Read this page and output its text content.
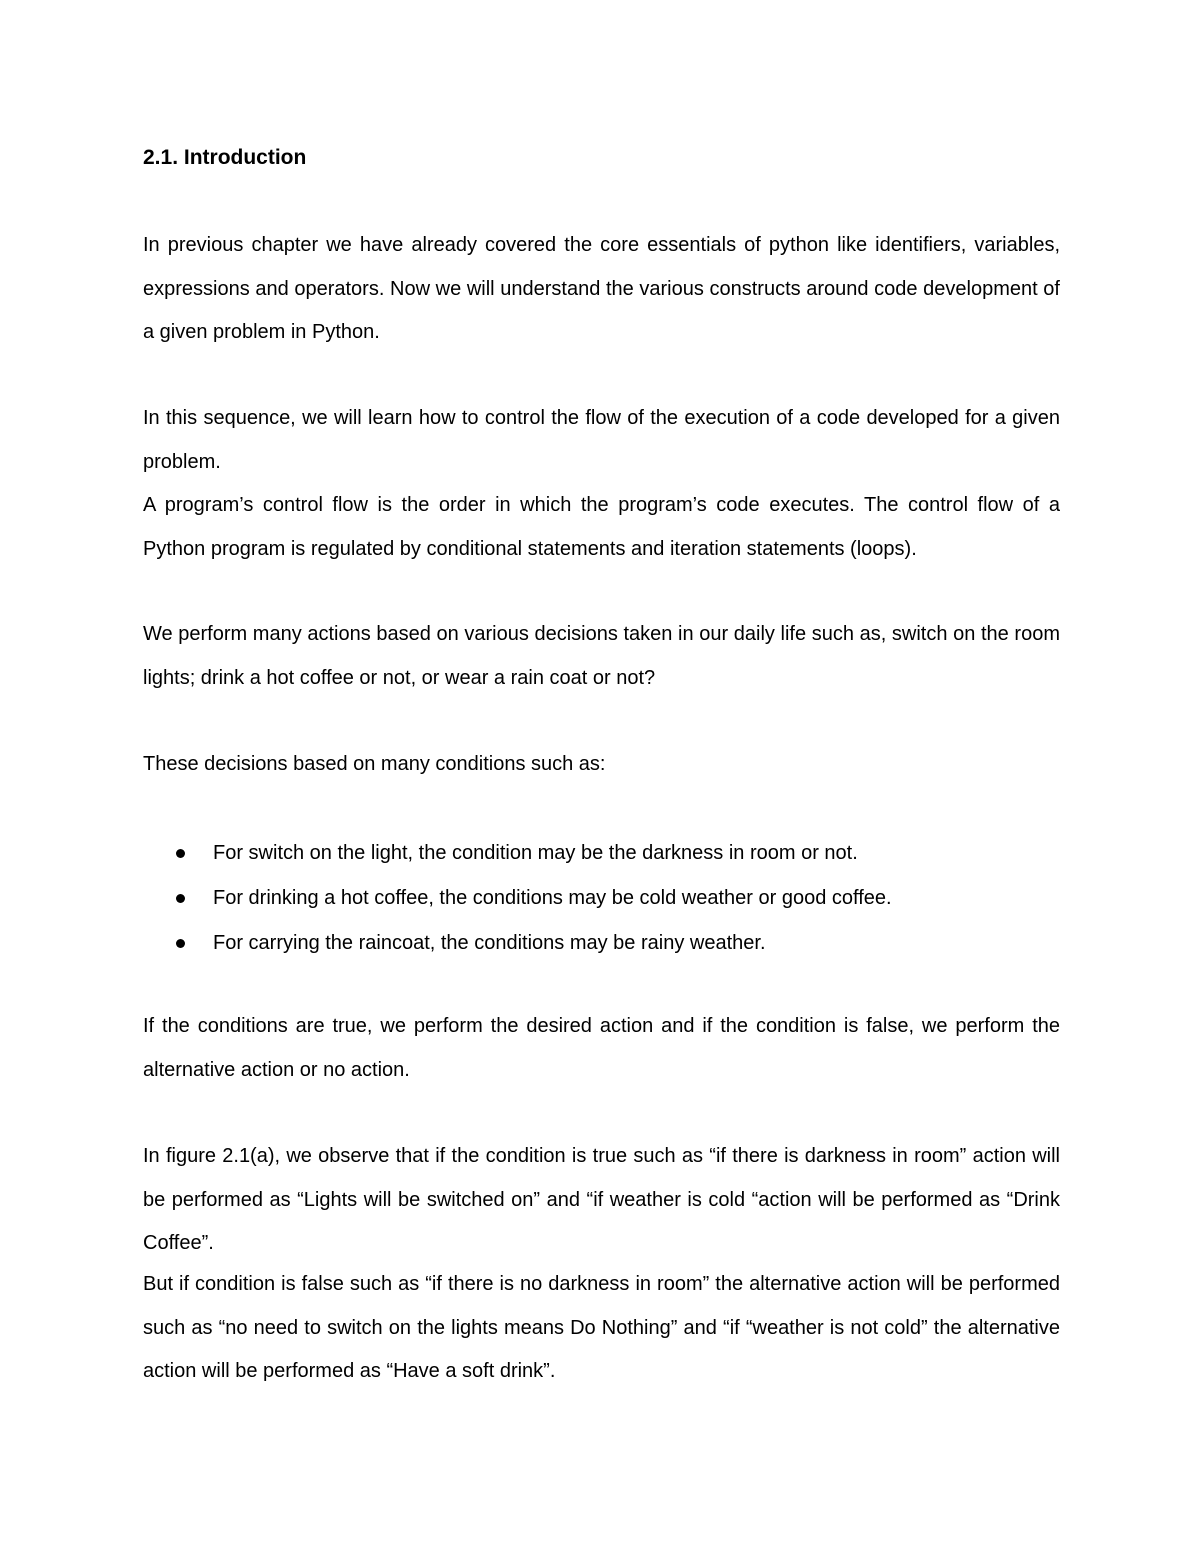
2.1. Introduction

In previous chapter we have already covered the core essentials of python like identifiers, variables, expressions and operators. Now we will understand the various constructs around code development of a given problem in Python.

In this sequence, we will learn how to control the flow of the execution of a code developed for a given problem.

A program’s control flow is the order in which the program’s code executes. The control flow of a Python program is regulated by conditional statements and iteration statements (loops).

We perform many actions based on various decisions taken in our daily life such as, switch on the room lights; drink a hot coffee or not, or wear a rain coat or not?

These decisions based on many conditions such as:

For switch on the light, the condition may be the darkness in room or not.
For drinking a hot coffee, the conditions may be cold weather or good coffee.
For carrying the raincoat, the conditions may be rainy weather.

If the conditions are true, we perform the desired action and if the condition is false, we perform the alternative action or no action.

In figure 2.1(a), we observe that if the condition is true such as “if there is darkness in room” action will be performed as “Lights will be switched on” and “if weather is cold “action will be performed as “Drink Coffee”.

But if condition is false such as “if there is no darkness in room” the alternative action will be performed such as “no need to switch on the lights means Do Nothing” and “if “weather is not cold” the alternative action will be performed as “Have a soft drink”.
